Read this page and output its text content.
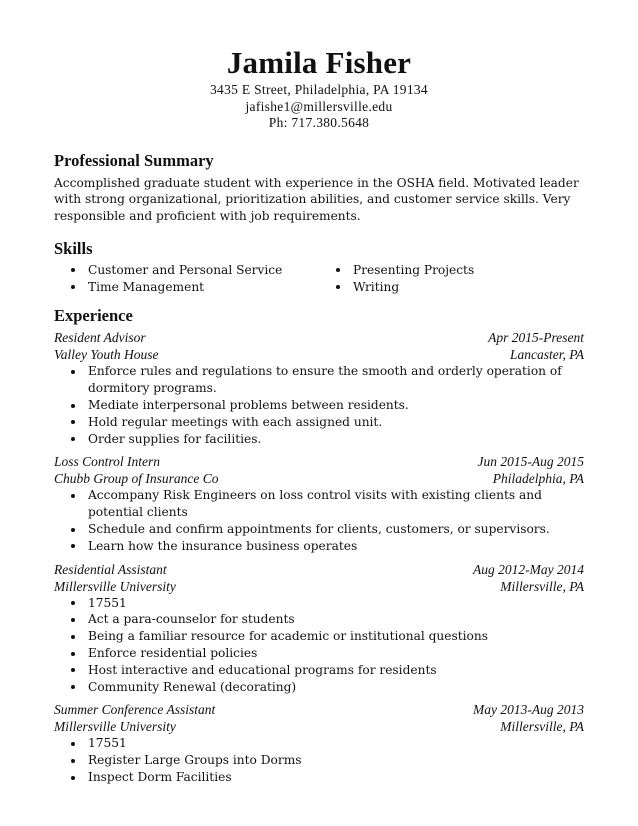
Jamila Fisher
3435 E Street, Philadelphia, PA 19134
jafishe1@millersville.edu
Ph: 717.380.5648
Professional Summary

Accomplished graduate student with experience in the OSHA field. Motivated leader with strong organizational, prioritization abilities, and customer service skills. Very responsible and proficient with job requirements.

Skills
Customer and Personal Service
Time Management
Presenting Projects
Writing
Experience
Resident Advisor	Apr 2015-Present
Valley Youth House	Lancaster, PA
Enforce rules and regulations to ensure the smooth and orderly operation of dormitory programs.
Mediate interpersonal problems between residents.
Hold regular meetings with each assigned unit.
Order supplies for facilities.
Loss Control Intern	Jun 2015-Aug 2015
Chubb Group of Insurance Co	Philadelphia, PA
Accompany Risk Engineers on loss control visits with existing clients and potential clients
Schedule and confirm appointments for clients, customers, or supervisors.
Learn how the insurance business operates
Residential Assistant	Aug 2012-May 2014
Millersville University	Millersville, PA
17551
Act a para-counselor for students
Being a familiar resource for academic or institutional questions
Enforce residential policies
Host interactive and educational programs for residents
Community Renewal (decorating)
Summer Conference Assistant	May 2013-Aug 2013
Millersville University	Millersville, PA
17551
Register Large Groups into Dorms
Inspect Dorm Facilities
